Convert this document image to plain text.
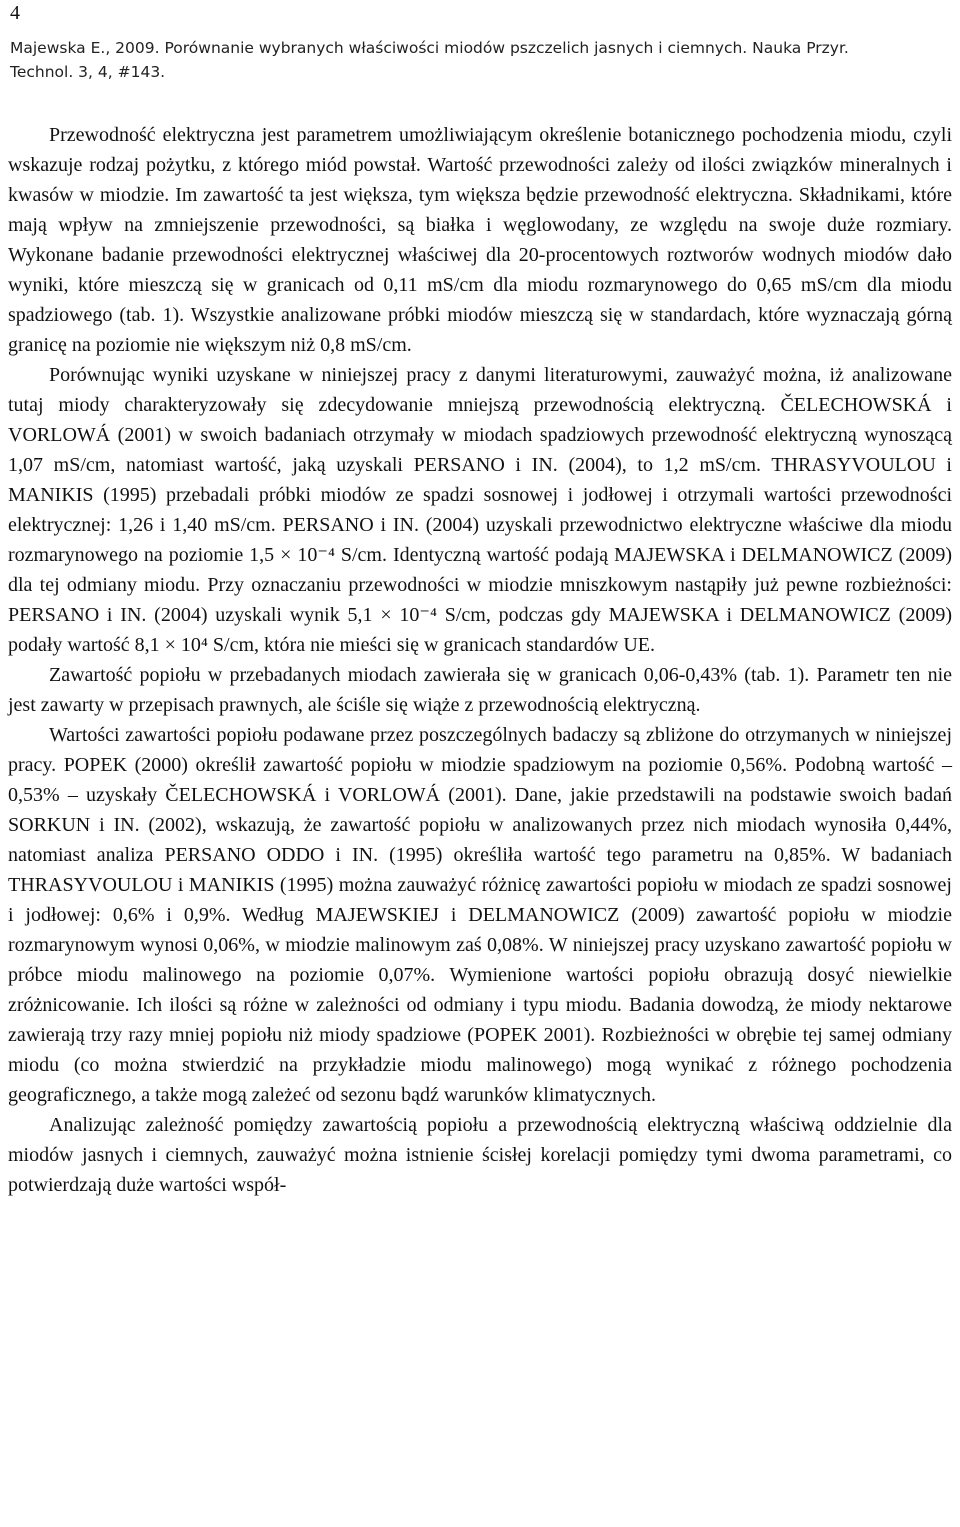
4
Majewska E., 2009. Porównanie wybranych właściwości miodów pszczelich jasnych i ciemnych. Nauka Przyr.
Technol. 3, 4, #143.

Przewodność elektryczna jest parametrem umożliwiającym określenie botanicznego pochodzenia miodu, czyli wskazuje rodzaj pożytku, z którego miód powstał. Wartość przewodności zależy od ilości związków mineralnych i kwasów w miodzie. Im zawartość ta jest większa, tym większa będzie przewodność elektryczna. Składnikami, które mają wpływ na zmniejszenie przewodności, są białka i węglowodany, ze względu na swoje duże rozmiary. Wykonane badanie przewodności elektrycznej właściwej dla 20-procentowych roztworów wodnych miodów dało wyniki, które mieszczą się w granicach od 0,11 mS/cm dla miodu rozmarynowego do 0,65 mS/cm dla miodu spadziowego (tab. 1). Wszystkie analizowane próbki miodów mieszczą się w standardach, które wyznaczają górną granicę na poziomie nie większym niż 0,8 mS/cm.

Porównując wyniki uzyskane w niniejszej pracy z danymi literaturowymi, zauważyć można, iż analizowane tutaj miody charakteryzowały się zdecydowanie mniejszą przewodnością elektryczną. ČELECHOWSKÁ i VORLOWÁ (2001) w swoich badaniach otrzymały w miodach spadziowych przewodność elektryczną wynoszącą 1,07 mS/cm, natomiast wartość, jaką uzyskali PERSANO i IN. (2004), to 1,2 mS/cm. THRASYVOULOU i MANIKIS (1995) przebadali próbki miodów ze spadzi sosnowej i jodłowej i otrzymali wartości przewodności elektrycznej: 1,26 i 1,40 mS/cm. PERSANO i IN. (2004) uzyskali przewodnictwo elektryczne właściwe dla miodu rozmarynowego na poziomie 1,5 × 10⁻⁴ S/cm. Identyczną wartość podają MAJEWSKA i DELMANOWICZ (2009) dla tej odmiany miodu. Przy oznaczaniu przewodności w miodzie mniszkowym nastąpiły już pewne rozbieżności: PERSANO i IN. (2004) uzyskali wynik 5,1 × 10⁻⁴ S/cm, podczas gdy MAJEWSKA i DELMANOWICZ (2009) podały wartość 8,1 × 10⁴ S/cm, która nie mieści się w granicach standardów UE.

Zawartość popiołu w przebadanych miodach zawierała się w granicach 0,06-0,43% (tab. 1). Parametr ten nie jest zawarty w przepisach prawnych, ale ściśle się wiąże z przewodnością elektryczną.

Wartości zawartości popiołu podawane przez poszczególnych badaczy są zbliżone do otrzymanych w niniejszej pracy. POPEK (2000) określił zawartość popiołu w miodzie spadziowym na poziomie 0,56%. Podobną wartość – 0,53% – uzyskały ČELECHOWSKÁ i VORLOWÁ (2001). Dane, jakie przedstawili na podstawie swoich badań SORKUN i IN. (2002), wskazują, że zawartość popiołu w analizowanych przez nich miodach wynosiła 0,44%, natomiast analiza PERSANO ODDO i IN. (1995) określiła wartość tego parametru na 0,85%. W badaniach THRASYVOULOU i MANIKIS (1995) można zauważyć różnicę zawartości popiołu w miodach ze spadzi sosnowej i jodłowej: 0,6% i 0,9%. Według MAJEWSKIEJ i DELMANOWICZ (2009) zawartość popiołu w miodzie rozmarynowym wynosi 0,06%, w miodzie malinowym zaś 0,08%. W niniejszej pracy uzyskano zawartość popiołu w próbce miodu malinowego na poziomie 0,07%. Wymienione wartości popiołu obrazują dosyć niewielkie zróżnicowanie. Ich ilości są różne w zależności od odmiany i typu miodu. Badania dowodzą, że miody nektarowe zawierają trzy razy mniej popiołu niż miody spadziowe (POPEK 2001). Rozbieżności w obrębie tej samej odmiany miodu (co można stwierdzić na przykładzie miodu malinowego) mogą wynikać z różnego pochodzenia geograficznego, a także mogą zależeć od sezonu bądź warunków klimatycznych.

Analizując zależność pomiędzy zawartością popiołu a przewodnością elektryczną właściwą oddzielnie dla miodów jasnych i ciemnych, zauważyć można istnienie ścisłej korelacji pomiędzy tymi dwoma parametrami, co potwierdzają duże wartości współ-
